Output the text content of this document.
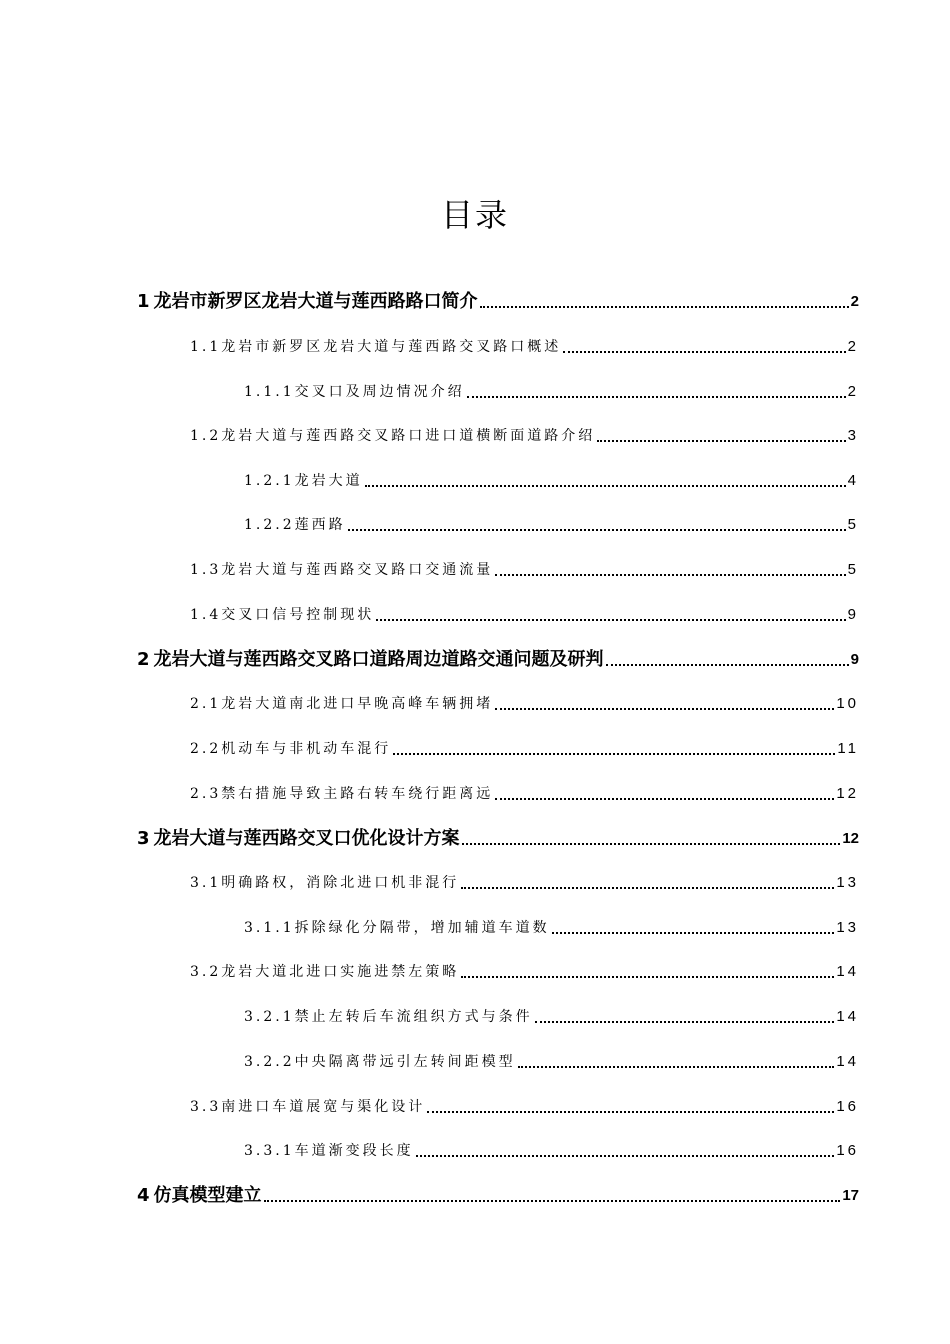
目录
1 龙岩市新罗区龙岩大道与莲西路路口简介	2
1.1龙岩市新罗区龙岩大道与莲西路交叉路口概述	2
1.1.1交叉口及周边情况介绍	2
1.2龙岩大道与莲西路交叉路口进口道横断面道路介绍	3
1.2.1龙岩大道	4
1.2.2莲西路	5
1.3龙岩大道与莲西路交叉路口交通流量	5
1.4交叉口信号控制现状	9
2 龙岩大道与莲西路交叉路口道路周边道路交通问题及研判	9
2.1龙岩大道南北进口早晚高峰车辆拥堵	10
2.2机动车与非机动车混行	11
2.3禁右措施导致主路右转车绕行距离远	12
3 龙岩大道与莲西路交叉口优化设计方案	12
3.1明确路权，消除北进口机非混行	13
3.1.1拆除绿化分隔带，增加辅道车道数	13
3.2龙岩大道北进口实施进禁左策略	14
3.2.1禁止左转后车流组织方式与条件	14
3.2.2中央隔离带远引左转间距模型	14
3.3南进口车道展宽与渠化设计	16
3.3.1车道渐变段长度	16
4 仿真模型建立	17
